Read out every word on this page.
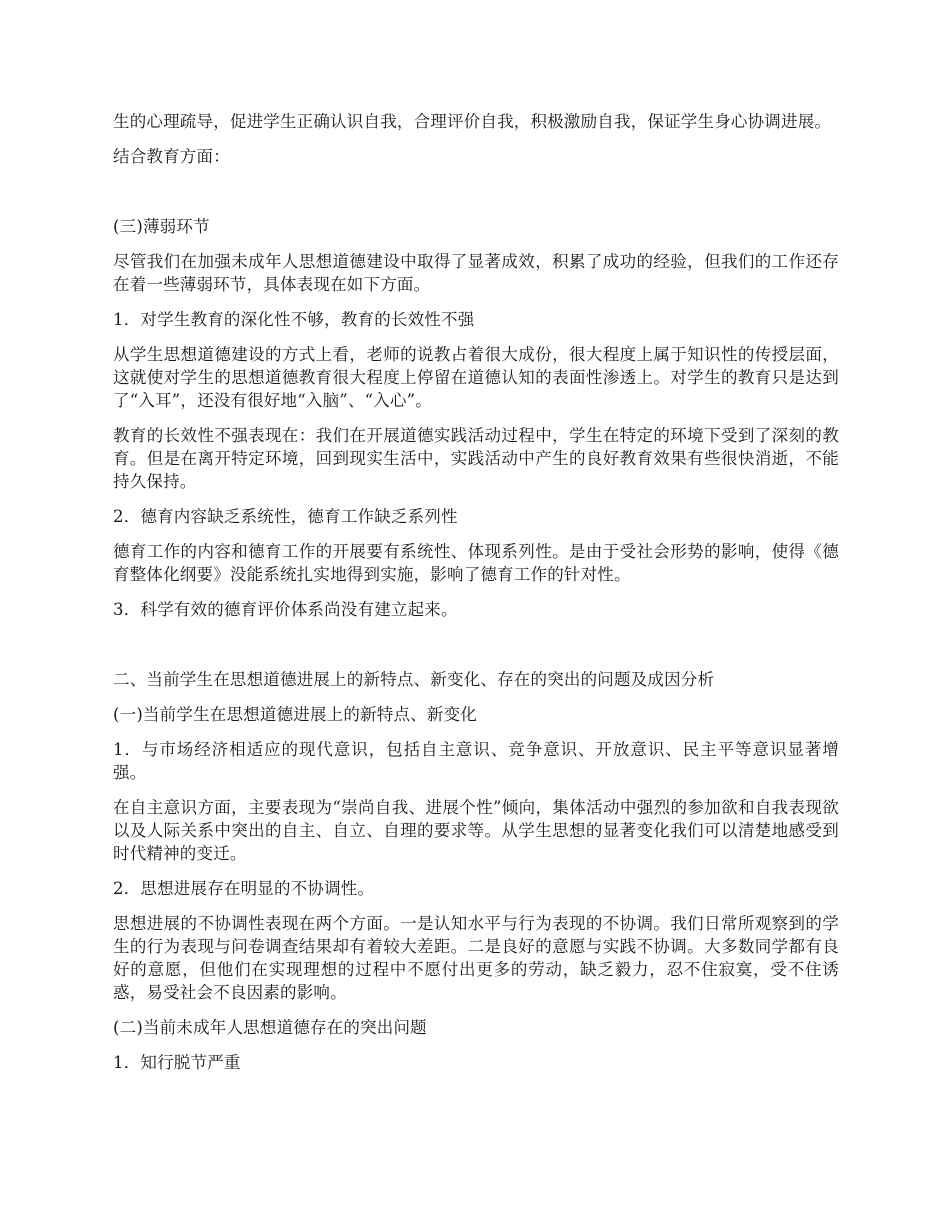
生的心理疏导，促进学生正确认识自我，合理评价自我，积极激励自我，保证学生身心协调进展。

结合教育方面：

(三)薄弱环节

尽管我们在加强未成年人思想道德建设中取得了显著成效，积累了成功的经验，但我们的工作还存在着一些薄弱环节，具体表现在如下方面。

1．对学生教育的深化性不够，教育的长效性不强

从学生思想道德建设的方式上看，老师的说教占着很大成份，很大程度上属于知识性的传授层面，这就使对学生的思想道德教育很大程度上停留在道德认知的表面性渗透上。对学生的教育只是达到了“入耳”，还没有很好地“入脑”、“入心”。

教育的长效性不强表现在：我们在开展道德实践活动过程中，学生在特定的环境下受到了深刻的教育。但是在离开特定环境，回到现实生活中，实践活动中产生的良好教育效果有些很快消逝，不能持久保持。

2．德育内容缺乏系统性，德育工作缺乏系列性

德育工作的内容和德育工作的开展要有系统性、体现系列性。是由于受社会形势的影响，使得《德育整体化纲要》没能系统扎实地得到实施，影响了德育工作的针对性。

3．科学有效的德育评价体系尚没有建立起来。

二、当前学生在思想道德进展上的新特点、新变化、存在的突出的问题及成因分析

(一)当前学生在思想道德进展上的新特点、新变化

1．与市场经济相适应的现代意识，包括自主意识、竞争意识、开放意识、民主平等意识显著增强。

在自主意识方面，主要表现为“崇尚自我、进展个性”倾向，集体活动中强烈的参加欲和自我表现欲以及人际关系中突出的自主、自立、自理的要求等。从学生思想的显著变化我们可以清楚地感受到时代精神的变迁。

2．思想进展存在明显的不协调性。

思想进展的不协调性表现在两个方面。一是认知水平与行为表现的不协调。我们日常所观察到的学生的行为表现与问卷调查结果却有着较大差距。二是良好的意愿与实践不协调。大多数同学都有良好的意愿，但他们在实现理想的过程中不愿付出更多的劳动，缺乏毅力，忍不住寂寞，受不住诱惑，易受社会不良因素的影响。

(二)当前未成年人思想道德存在的突出问题

1．知行脱节严重
